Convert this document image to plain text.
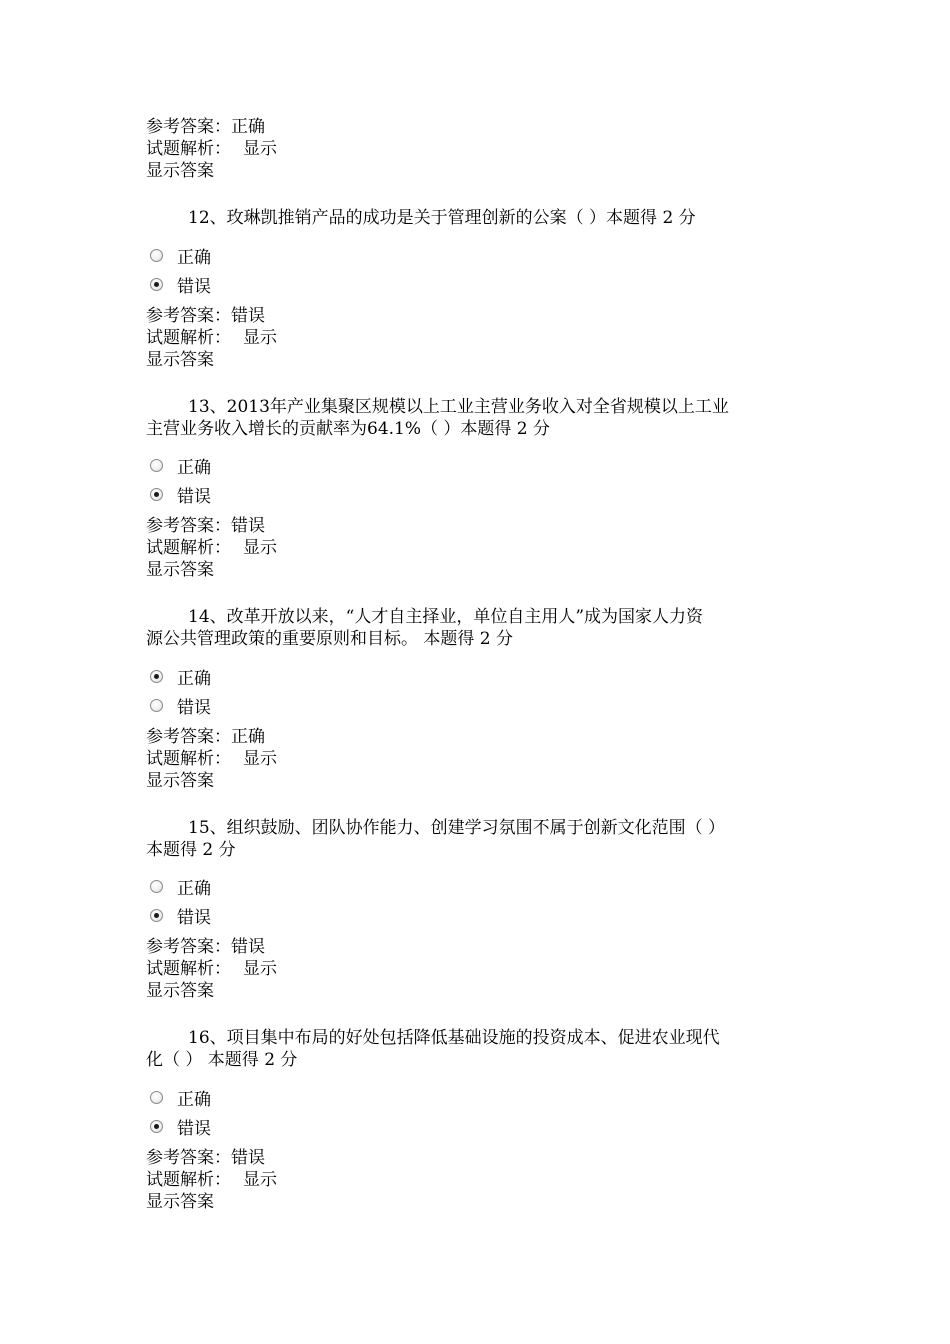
参考答案：正确
试题解析： 显示
显示答案
12、玫琳凯推销产品的成功是关于管理创新的公案（ ）本题得 2 分
正确
错误
参考答案：错误
试题解析： 显示
显示答案
13、2013年产业集聚区规模以上工业主营业务收入对全省规模以上工业
主营业务收入增长的贡献率为64.1%（ ）本题得 2 分
正确
错误
参考答案：错误
试题解析： 显示
显示答案
14、改革开放以来，“人才自主择业，单位自主用人”成为国家人力资
源公共管理政策的重要原则和目标。 本题得 2 分
正确
错误
参考答案：正确
试题解析： 显示
显示答案
15、组织鼓励、团队协作能力、创建学习氛围不属于创新文化范围（ ）
本题得 2 分
正确
错误
参考答案：错误
试题解析： 显示
显示答案
16、项目集中布局的好处包括降低基础设施的投资成本、促进农业现代
化（ ） 本题得 2 分
正确
错误
参考答案：错误
试题解析： 显示
显示答案
